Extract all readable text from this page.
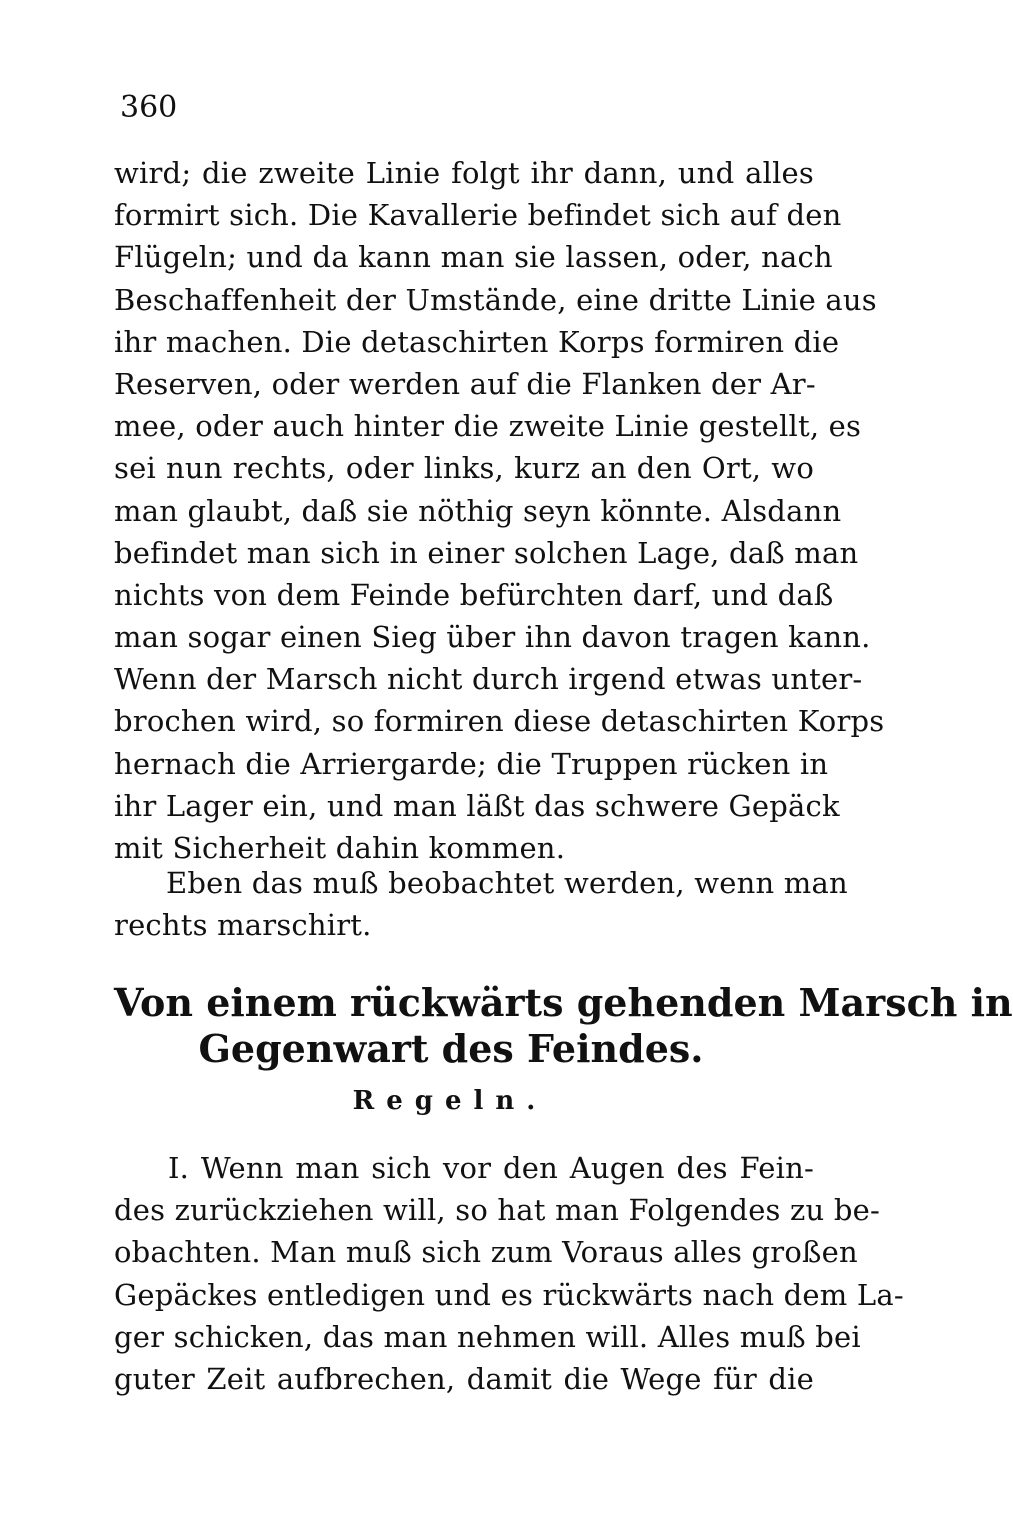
360
wird; die zweite Linie folgt ihr dann, und alles
formirt sich. Die Kavallerie befindet sich auf den
Flügeln; und da kann man sie lassen, oder, nach
Beschaffenheit der Umstände, eine dritte Linie aus
ihr machen. Die detaschirten Korps formiren die
Reserven, oder werden auf die Flanken der Ar-
mee, oder auch hinter die zweite Linie gestellt, es
sei nun rechts, oder links, kurz an den Ort, wo
man glaubt, daß sie nöthig seyn könnte. Alsdann
befindet man sich in einer solchen Lage, daß man
nichts von dem Feinde befürchten darf, und daß
man sogar einen Sieg über ihn davon tragen kann.
Wenn der Marsch nicht durch irgend etwas unter-
brochen wird, so formiren diese detaschirten Korps
hernach die Arriergarde; die Truppen rücken in
ihr Lager ein, und man läßt das schwere Gepäck
mit Sicherheit dahin kommen.
Eben das muß beobachtet werden, wenn man
rechts marschirt.
Von einem rückwärts gehenden Marsch in
Gegenwart des Feindes.
Regeln.
I. Wenn man sich vor den Augen des Fein-
des zurückziehen will, so hat man Folgendes zu be-
obachten. Man muß sich zum Voraus alles großen
Gepäckes entledigen und es rückwärts nach dem La-
ger schicken, das man nehmen will. Alles muß bei
guter Zeit aufbrechen, damit die Wege für die
